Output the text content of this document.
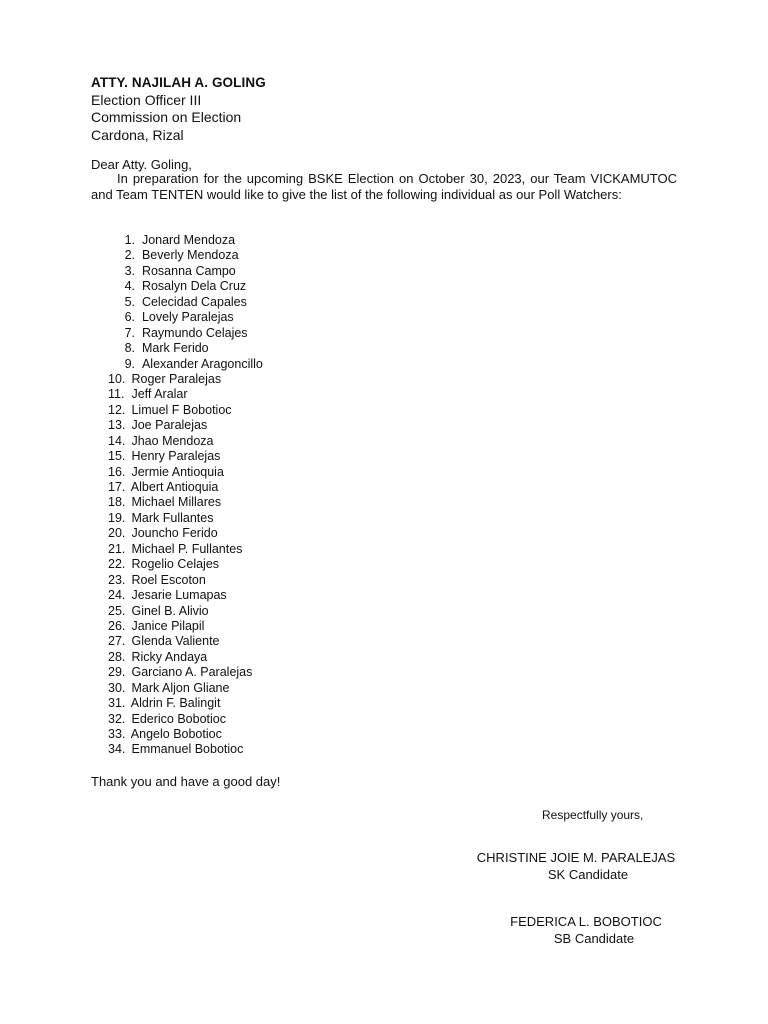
ATTY. NAJILAH A. GOLING
Election Officer III
Commission on Election
Cardona, Rizal
Dear Atty. Goling,
In preparation for the upcoming BSKE Election on October 30, 2023, our Team VICKAMUTOC and Team TENTEN would like to give the list of the following individual as our Poll Watchers:
1. Jonard Mendoza
2. Beverly Mendoza
3. Rosanna Campo
4. Rosalyn Dela Cruz
5. Celecidad Capales
6. Lovely Paralejas
7. Raymundo Celajes
8. Mark Ferido
9. Alexander Aragoncillo
10. Roger Paralejas
11. Jeff Aralar
12. Limuel F Bobotioc
13. Joe Paralejas
14. Jhao Mendoza
15. Henry Paralejas
16. Jermie Antioquia
17. Albert Antioquia
18. Michael Millares
19. Mark Fullantes
20. Jouncho Ferido
21. Michael P. Fullantes
22. Rogelio Celajes
23. Roel Escoton
24. Jesarie Lumapas
25. Ginel B. Alivio
26. Janice Pilapil
27. Glenda Valiente
28. Ricky Andaya
29. Garciano A. Paralejas
30. Mark Aljon Gliane
31. Aldrin F. Balingit
32. Ederico Bobotioc
33. Angelo Bobotioc
34. Emmanuel Bobotioc
Thank you and have a good day!
Respectfully yours,
CHRISTINE JOIE M. PARALEJAS
SK Candidate
FEDERICA L. BOBOTIOC
SB Candidate
